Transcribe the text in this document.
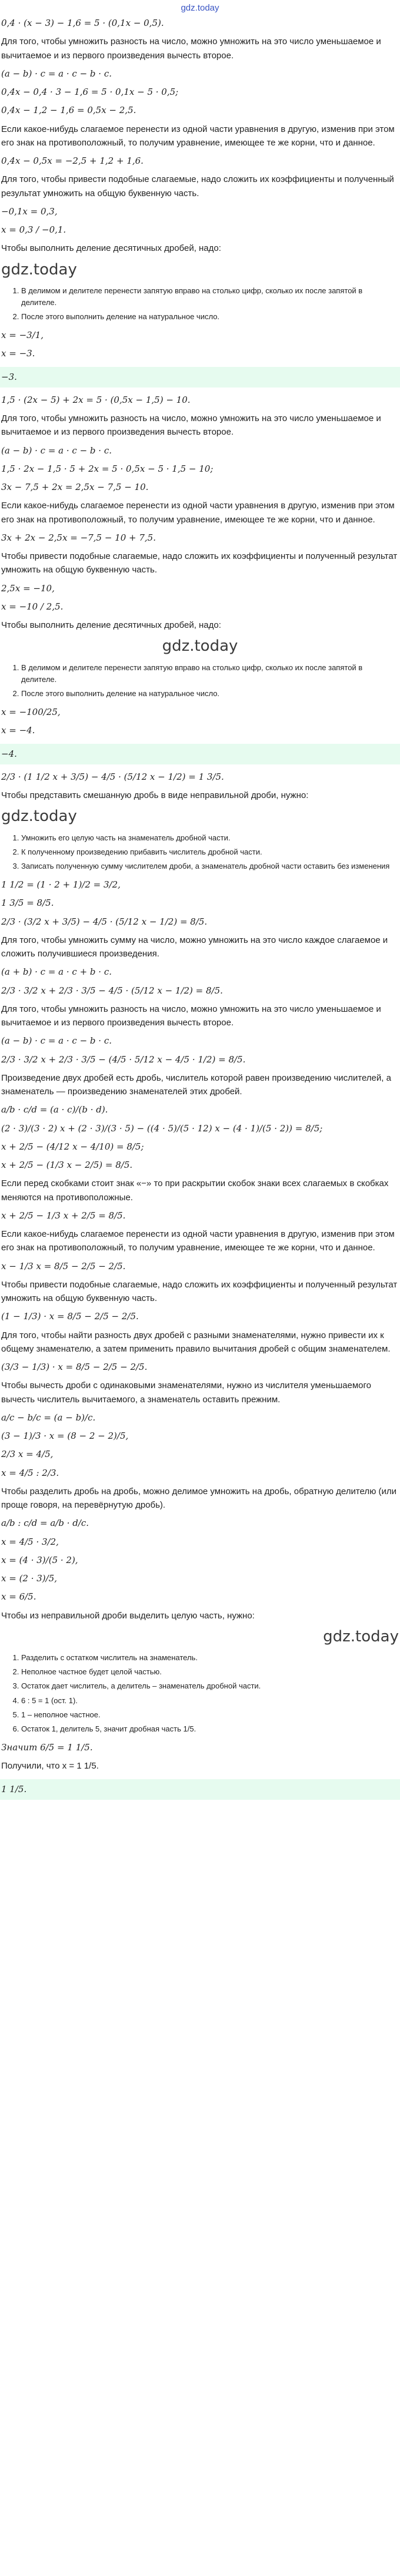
gdz.today
0,4 · (x − 3) − 1,6 = 5 · (0,1x − 0,5).
Для того, чтобы умножить разность на число, можно умножить на это число уменьшаемое и вычитаемое и из первого произведения вычесть второе.
(a − b) · c = a · c − b · c.
0,4x − 0,4 · 3 − 1,6 = 5 · 0,1x − 5 · 0,5;
0,4x − 1,2 − 1,6 = 0,5x − 2,5.
Если какое-нибудь слагаемое перенести из одной части уравнения в другую, изменив при этом его знак на противоположный, то получим уравнение, имеющее те же корни, что и данное.
0,4x − 0,5x = −2,5 + 1,2 + 1,6.
Для того, чтобы привести подобные слагаемые, надо сложить их коэффициенты и полученный результат умножить на общую буквенную часть.
−0,1x = 0,3,
x = 0,3 / −0,1.
Чтобы выполнить деление десятичных дробей, надо:
gdz.today
1. В делимом и делителе перенести запятую вправо на столько цифр, сколько их после запятой в делителе.
2. После этого выполнить деление на натуральное число.
x = −3/1,
x = −3.
−3.
1,5 · (2x − 5) + 2x = 5 · (0,5x − 1,5) − 10.
Для того, чтобы умножить разность на число, можно умножить на это число уменьшаемое и вычитаемое и из первого произведения вычесть второе.
(a − b) · c = a · c − b · c.
1,5 · 2x − 1,5 · 5 + 2x = 5 · 0,5x − 5 · 1,5 − 10;
3x − 7,5 + 2x = 2,5x − 7,5 − 10.
Если какое-нибудь слагаемое перенести из одной части уравнения в другую, изменив при этом его знак на противоположный, то получим уравнение, имеющее те же корни, что и данное.
3x + 2x − 2,5x = −7,5 − 10 + 7,5.
Чтобы привести подобные слагаемые, надо сложить их коэффициенты и полученный результат умножить на общую буквенную часть.
2,5x = −10,
x = −10 / 2,5.
Чтобы выполнить деление десятичных дробей, надо:
gdz.today
1. В делимом и делителе перенести запятую вправо на столько цифр, сколько их после запятой в делителе.
2. После этого выполнить деление на натуральное число.
x = −100/25,
x = −4.
−4.
2/3 · (1 1/2 x + 3/5) − 4/5 · (5/12 x − 1/2) = 1 3/5.
Чтобы представить смешанную дробь в виде неправильной дроби, нужно:
gdz.today
1. Умножить его целую часть на знаменатель дробной части.
2. К полученному произведению прибавить числитель дробной части.
3. Записать полученную сумму числителем дроби, а знаменатель дробной части оставить без изменения
1 1/2 = (1 · 2 + 1)/2 = 3/2,
1 3/5 = 8/5.
2/3 · (3/2 x + 3/5) − 4/5 · (5/12 x − 1/2) = 8/5.
Для того, чтобы умножить сумму на число, можно умножить на это число каждое слагаемое и сложить получившиеся произведения.
(a + b) · c = a · c + b · c.
2/3 · 3/2 x + 2/3 · 3/5 − 4/5 · (5/12 x − 1/2) = 8/5.
Для того, чтобы умножить разность на число, можно умножить на это число уменьшаемое и вычитаемое и из первого произведения вычесть второе.
(a − b) · c = a · c − b · c.
2/3 · 3/2 x + 2/3 · 3/5 − (4/5 · 5/12 x − 4/5 · 1/2) = 8/5.
Произведение двух дробей есть дробь, числитель которой равен произведению числителей, а знаменатель — произведению знаменателей этих дробей.
a/b · c/d = (a · c)/(b · d).
(2 · 3)/(3 · 2) x + (2 · 3)/(3 · 5) − ((4 · 5)/(5 · 12) x − (4 · 1)/(5 · 2)) = 8/5;
x + 2/5 − (4/12 x − 4/10) = 8/5;
x + 2/5 − (1/3 x − 2/5) = 8/5.
Если перед скобками стоит знак «−» то при раскрытии скобок знаки всех слагаемых в скобках меняются на противоположные.
x + 2/5 − 1/3 x + 2/5 = 8/5.
Если какое-нибудь слагаемое перенести из одной части уравнения в другую, изменив при этом его знак на противоположный, то получим уравнение, имеющее те же корни, что и данное.
x − 1/3 x = 8/5 − 2/5 − 2/5.
Чтобы привести подобные слагаемые, надо сложить их коэффициенты и полученный результат умножить на общую буквенную часть.
(1 − 1/3) · x = 8/5 − 2/5 − 2/5.
Для того, чтобы найти разность двух дробей с разными знаменателями, нужно привести их к общему знаменателю, а затем применить правило вычитания дробей с общим знаменателем.
(3/3 − 1/3) · x = 8/5 − 2/5 − 2/5.
Чтобы вычесть дроби с одинаковыми знаменателями, нужно из числителя уменьшаемого вычесть числитель вычитаемого, а знаменатель оставить прежним.
a/c − b/c = (a − b)/c.
(3 − 1)/3 · x = (8 − 2 − 2)/5,
2/3 x = 4/5,
x = 4/5 : 2/3.
Чтобы разделить дробь на дробь, можно делимое умножить на дробь, обратную делителю (или проще говоря, на перевёрнутую дробь).
a/b : c/d = a/b · d/c.
x = 4/5 · 3/2,
x = (4 · 3)/(5 · 2),
x = (2 · 3)/5,
x = 6/5.
Чтобы из неправильной дроби выделить целую часть, нужно:
gdz.today
1. Разделить с остатком числитель на знаменатель.
2. Неполное частное будет целой частью.
3. Остаток дает числитель, а делитель – знаменатель дробной части.
4. 6 : 5 = 1 (ост. 1).
5. 1 – неполное частное.
6. Остаток 1, делитель 5, значит дробная часть 1/5.
Значит 6/5 = 1 1/5.
Получили, что x = 1 1/5.
1 1/5.
